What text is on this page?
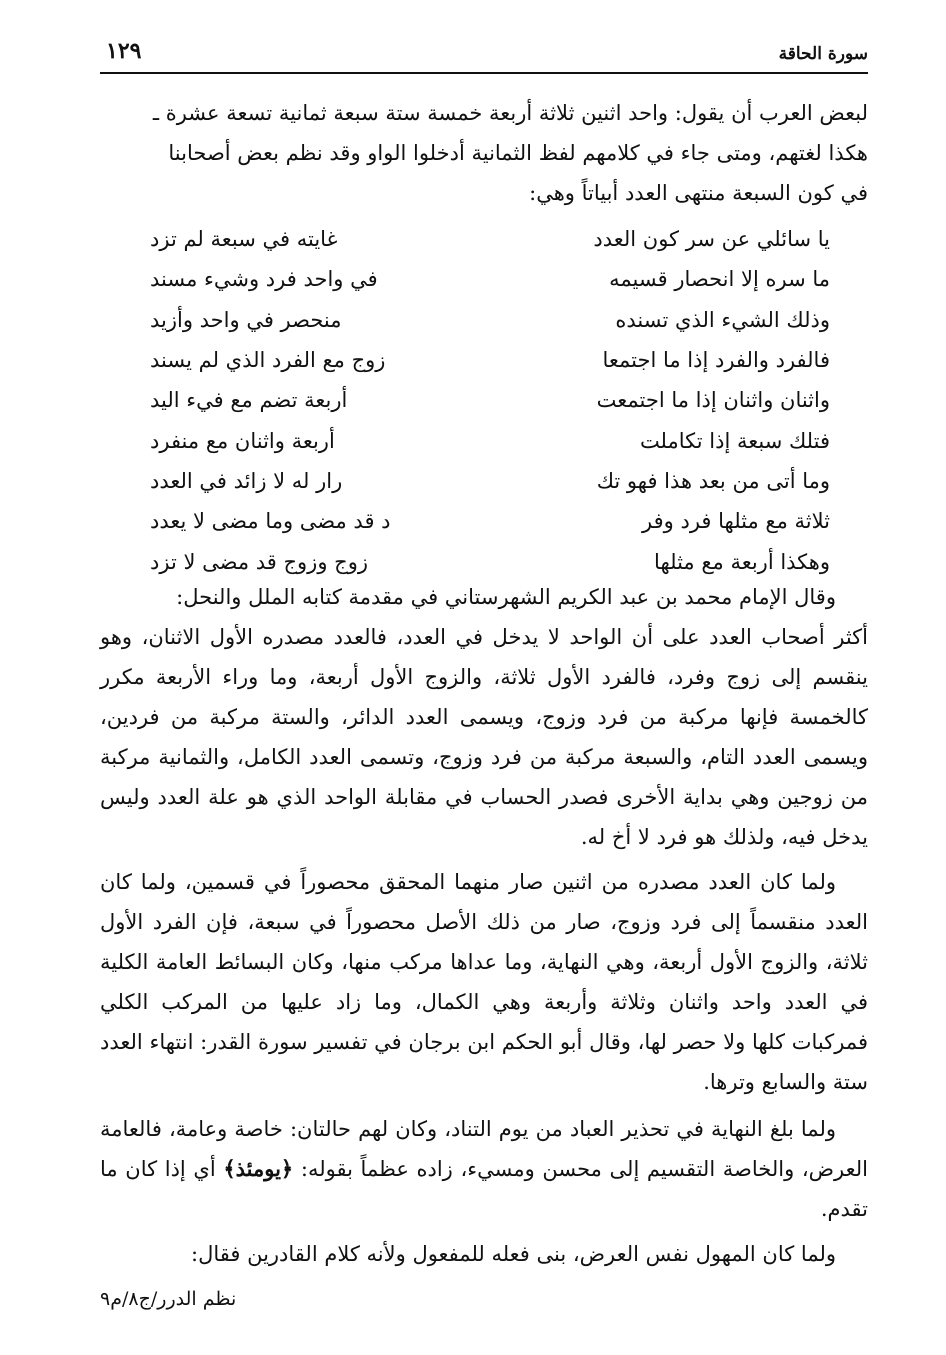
سورة الحاقة
١٢٩

لبعض العرب أن يقول: واحد اثنين ثلاثة أربعة خمسة ستة سبعة ثمانية تسعة عشرة ـ

هكذا لغتهم، ومتى جاء في كلامهم لفظ الثمانية أدخلوا الواو وقد نظم بعض أصحابنا

في كون السبعة منتهى العدد أبياتاً وهي:

يا سائلي عن سر كون العدد
غايته في سبعة لم تزد
ما سره إلا انحصار قسيمه
في واحد فرد وشيء مسند
وذلك الشيء الذي تسنده
منحصر في واحد وأزيد
فالفرد والفرد إذا ما اجتمعا
زوج مع الفرد الذي لم يسند
واثنان واثنان إذا ما اجتمعت
أربعة تضم مع فيء اليد
فتلك سبعة إذا تكاملت
أربعة واثنان مع منفرد
وما أتى من بعد هذا فهو تك
رار له لا زائد في العدد
ثلاثة مع مثلها فرد وفر
د قد مضى وما مضى لا يعدد
وهكذا أربعة مع مثلها
زوج وزوج قد مضى لا تزد

وقال الإمام محمد بن عبد الكريم الشهرستاني في مقدمة كتابه الملل والنحل:

أكثر أصحاب العدد على أن الواحد لا يدخل في العدد، فالعدد مصدره الأول الاثنان، وهو ينقسم إلى زوج وفرد، فالفرد الأول ثلاثة، والزوج الأول أربعة، وما وراء الأربعة مكرر كالخمسة فإنها مركبة من فرد وزوج، ويسمى العدد الدائر، والستة مركبة من فردين، ويسمى العدد التام، والسبعة مركبة من فرد وزوج، وتسمى العدد الكامل، والثمانية مركبة من زوجين وهي بداية الأخرى فصدر الحساب في مقابلة الواحد الذي هو علة العدد وليس يدخل فيه، ولذلك هو فرد لا أخ له.

ولما كان العدد مصدره من اثنين صار منهما المحقق محصوراً في قسمين، ولما كان العدد منقسماً إلى فرد وزوج، صار من ذلك الأصل محصوراً في سبعة، فإن الفرد الأول ثلاثة، والزوج الأول أربعة، وهي النهاية، وما عداها مركب منها، وكان البسائط العامة الكلية في العدد واحد واثنان وثلاثة وأربعة وهي الكمال، وما زاد عليها من المركب الكلي فمركبات كلها ولا حصر لها، وقال أبو الحكم ابن برجان في تفسير سورة القدر: انتهاء العدد ستة والسابع وترها.

ولما بلغ النهاية في تحذير العباد من يوم التناد، وكان لهم حالتان: خاصة وعامة، فالعامة العرض، والخاصة التقسيم إلى محسن ومسيء، زاده عظماً بقوله: ﴿يومئذ﴾ أي إذا كان ما تقدم.

ولما كان المهول نفس العرض، بنى فعله للمفعول ولأنه كلام القادرين فقال:

نظم الدرر/ج٨/م٩
